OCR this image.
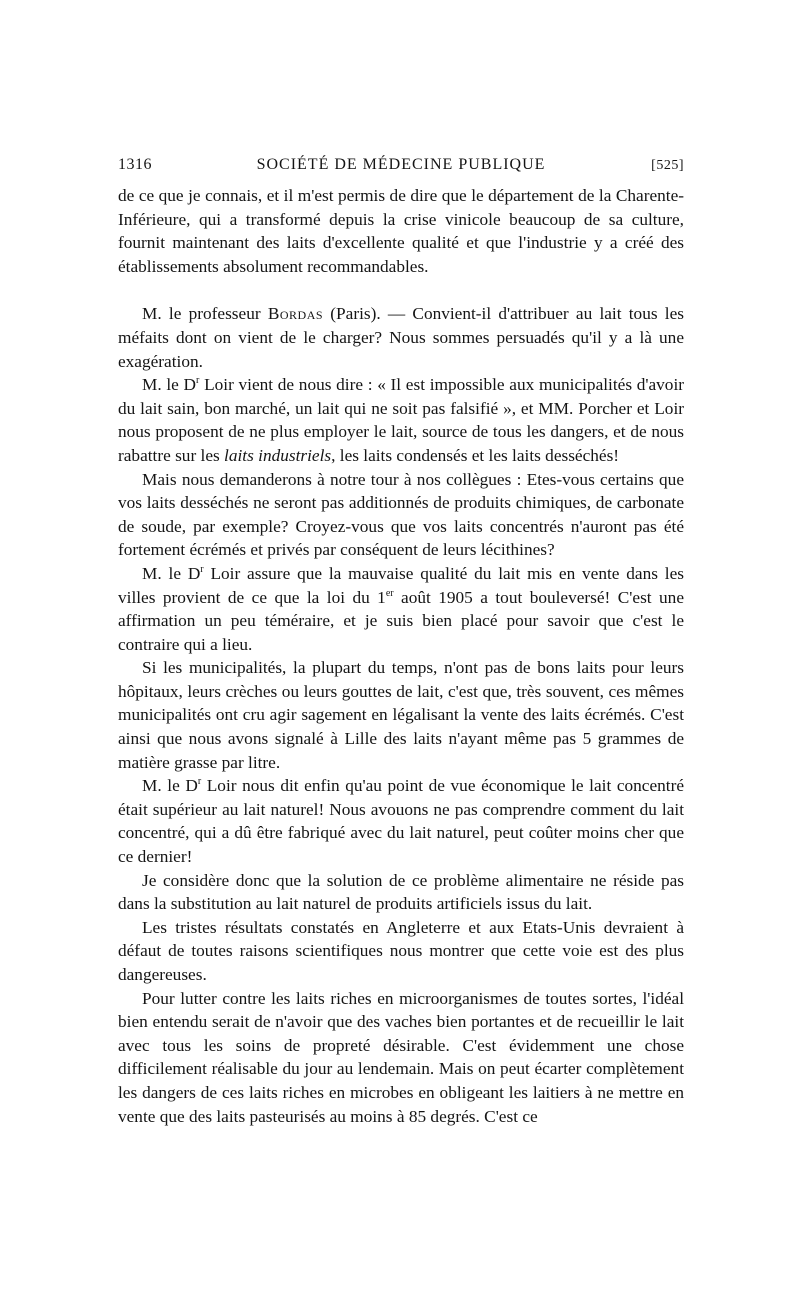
1316	SOCIÉTÉ DE MÉDECINE PUBLIQUE	[525]

de ce que je connais, et il m'est permis de dire que le département de la Charente-Inférieure, qui a transformé depuis la crise vinicole beaucoup de sa culture, fournit maintenant des laits d'excellente qualité et que l'industrie y a créé des établissements absolument recommandables.

M. le professeur Bordas (Paris). — Convient-il d'attribuer au lait tous les méfaits dont on vient de le charger? Nous sommes persuadés qu'il y a là une exagération.

M. le $D^r$ Loir vient de nous dire : « Il est impossible aux municipalités d'avoir du lait sain, bon marché, un lait qui ne soit pas falsifié », et MM. Porcher et Loir nous proposent de ne plus employer le lait, source de tous les dangers, et de nous rabattre sur les laits industriels, les laits condensés et les laits desséchés!

Mais nous demanderons à notre tour à nos collègues : Etes-vous certains que vos laits desséchés ne seront pas additionnés de produits chimiques, de carbonate de soude, par exemple? Croyez-vous que vos laits concentrés n'auront pas été fortement écrémés et privés par conséquent de leurs lécithines?

M. le $D^r$ Loir assure que la mauvaise qualité du lait mis en vente dans les villes provient de ce que la loi du 1er août 1905 a tout bouleversé! C'est une affirmation un peu téméraire, et je suis bien placé pour savoir que c'est le contraire qui a lieu.

Si les municipalités, la plupart du temps, n'ont pas de bons laits pour leurs hôpitaux, leurs crèches ou leurs gouttes de lait, c'est que, très souvent, ces mêmes municipalités ont cru agir sagement en légalisant la vente des laits écrémés. C'est ainsi que nous avons signalé à Lille des laits n'ayant même pas 5 grammes de matière grasse par litre.

M. le $D^r$ Loir nous dit enfin qu'au point de vue économique le lait concentré était supérieur au lait naturel! Nous avouons ne pas comprendre comment du lait concentré, qui a dû être fabriqué avec du lait naturel, peut coûter moins cher que ce dernier!

Je considère donc que la solution de ce problème alimentaire ne réside pas dans la substitution au lait naturel de produits artificiels issus du lait.

Les tristes résultats constatés en Angleterre et aux Etats-Unis devraient à défaut de toutes raisons scientifiques nous montrer que cette voie est des plus dangereuses.

Pour lutter contre les laits riches en microorganismes de toutes sortes, l'idéal bien entendu serait de n'avoir que des vaches bien portantes et de recueillir le lait avec tous les soins de propreté désirable. C'est évidemment une chose difficilement réalisable du jour au lendemain. Mais on peut écarter complètement les dangers de ces laits riches en microbes en obligeant les laitiers à ne mettre en vente que des laits pasteurisés au moins à 85 degrés. C'est ce
